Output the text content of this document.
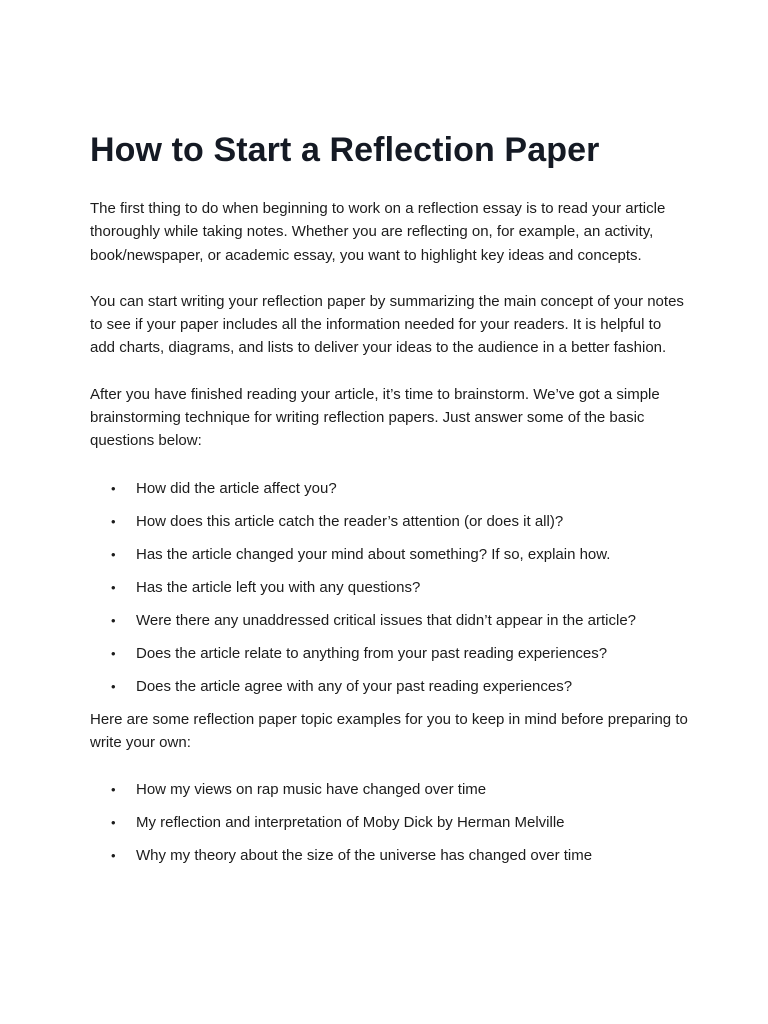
How to Start a Reflection Paper

The first thing to do when beginning to work on a reflection essay is to read your article thoroughly while taking notes. Whether you are reflecting on, for example, an activity, book/newspaper, or academic essay, you want to highlight key ideas and concepts.

You can start writing your reflection paper by summarizing the main concept of your notes to see if your paper includes all the information needed for your readers. It is helpful to add charts, diagrams, and lists to deliver your ideas to the audience in a better fashion.

After you have finished reading your article, it’s time to brainstorm. We’ve got a simple brainstorming technique for writing reflection papers. Just answer some of the basic questions below:

• How did the article affect you?
• How does this article catch the reader’s attention (or does it all)?
• Has the article changed your mind about something? If so, explain how.
• Has the article left you with any questions?
• Were there any unaddressed critical issues that didn’t appear in the article?
• Does the article relate to anything from your past reading experiences?
• Does the article agree with any of your past reading experiences?

Here are some reflection paper topic examples for you to keep in mind before preparing to write your own:

• How my views on rap music have changed over time
• My reflection and interpretation of Moby Dick by Herman Melville
• Why my theory about the size of the universe has changed over time
